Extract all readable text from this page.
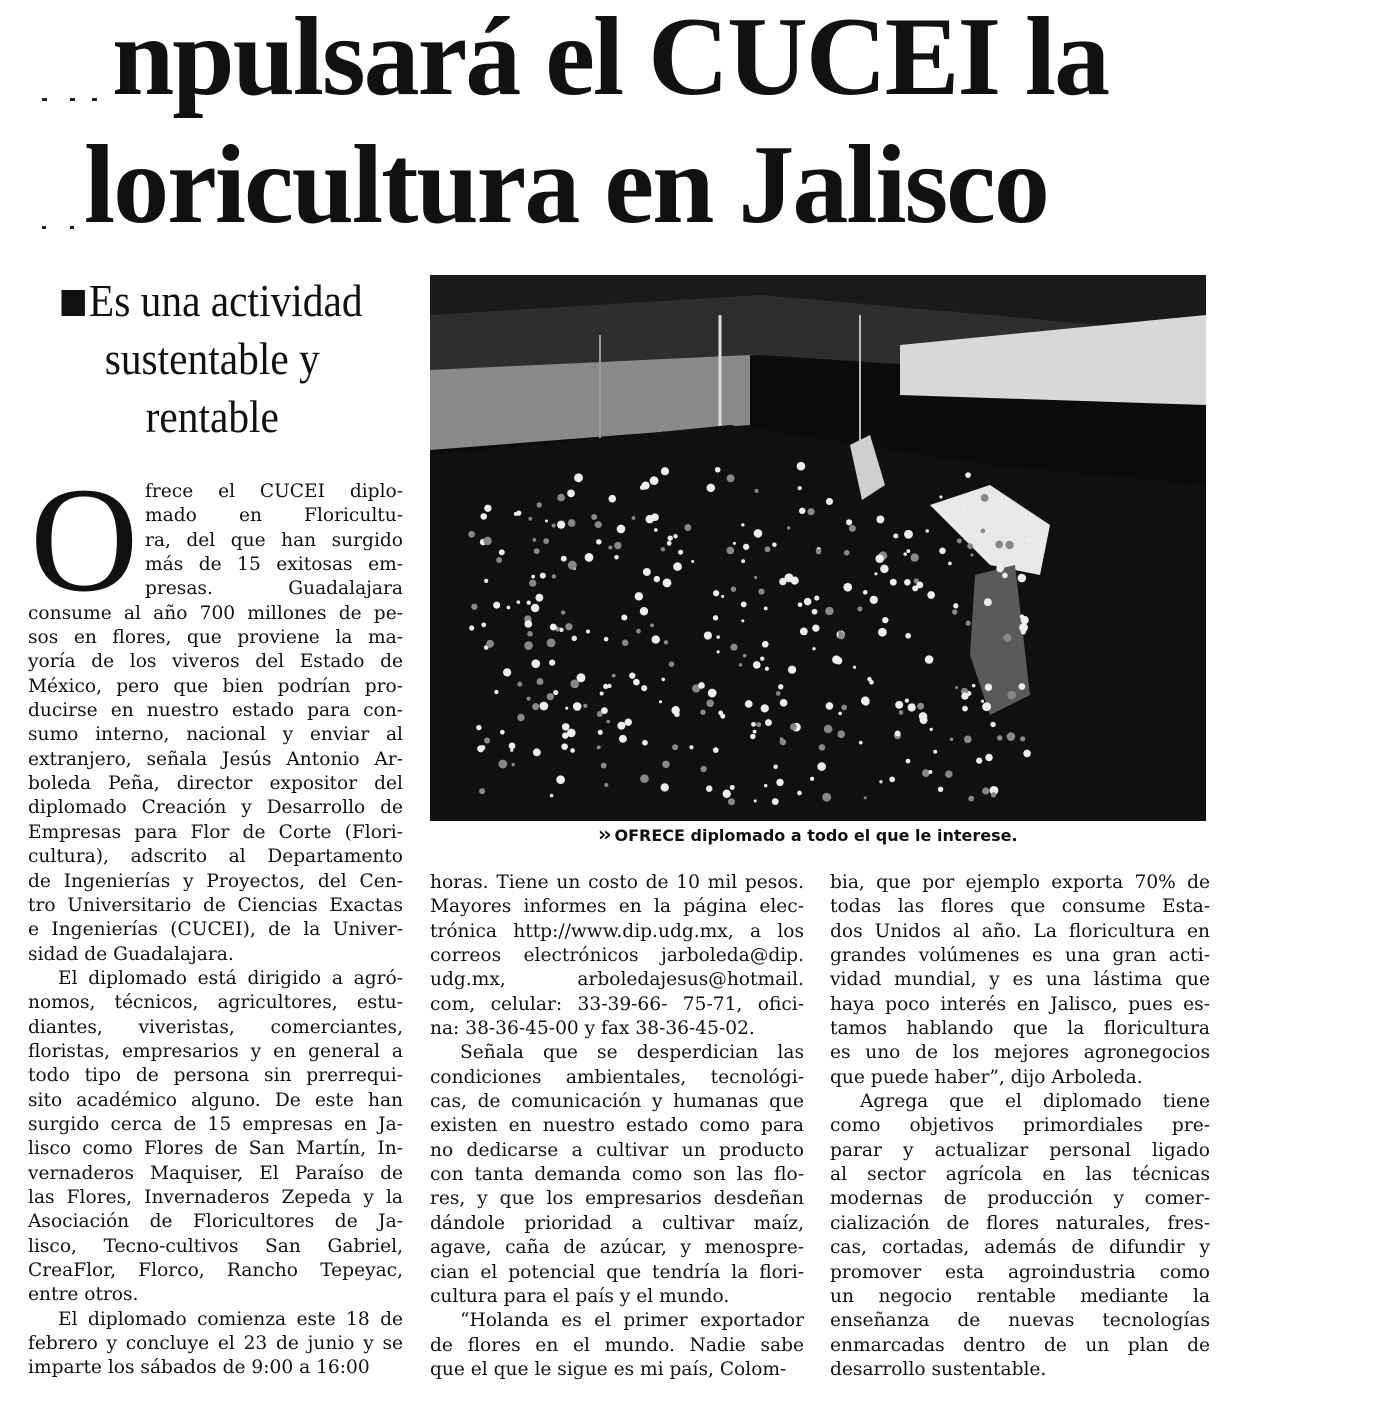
npulsará el CUCEI la
loricultura en Jalisco
Es una actividad
sustentable y
rentable
›› OFRECE diplomado a todo el que le interese.
O frece el CUCEI diplo-
mado en Floricultu-
ra, del que han surgido
más de 15 exitosas em-
presas. Guadalajara
consume al año 700 millones de pe-
sos en flores, que proviene la ma-
yoría de los viveros del Estado de
México, pero que bien podrían pro-
ducirse en nuestro estado para con-
sumo interno, nacional y enviar al
extranjero, señala Jesús Antonio Ar-
boleda Peña, director expositor del
diplomado Creación y Desarrollo de
Empresas para Flor de Corte (Flori-
cultura), adscrito al Departamento
de Ingenierías y Proyectos, del Cen-
tro Universitario de Ciencias Exactas
e Ingenierías (CUCEI), de la Univer-
sidad de Guadalajara.
El diplomado está dirigido a agró-
nomos, técnicos, agricultores, estu-
diantes, viveristas, comerciantes,
floristas, empresarios y en general a
todo tipo de persona sin prerrequi-
sito académico alguno. De este han
surgido cerca de 15 empresas en Ja-
lisco como Flores de San Martín, In-
vernaderos Maquiser, El Paraíso de
las Flores, Invernaderos Zepeda y la
Asociación de Floricultores de Ja-
lisco, Tecno-cultivos San Gabriel,
CreaFlor, Florco, Rancho Tepeyac,
entre otros.
El diplomado comienza este 18 de
febrero y concluye el 23 de junio y se
imparte los sábados de 9:00 a 16:00
horas. Tiene un costo de 10 mil pesos.
Mayores informes en la página elec-
trónica http://www.dip.udg.mx, a los
correos electrónicos jarboleda@dip.
udg.mx, arboledajesus@hotmail.
com, celular: 33-39-66- 75-71, ofici-
na: 38-36-45-00 y fax 38-36-45-02.
Señala que se desperdician las
condiciones ambientales, tecnológi-
cas, de comunicación y humanas que
existen en nuestro estado como para
no dedicarse a cultivar un producto
con tanta demanda como son las flo-
res, y que los empresarios desdeñan
dándole prioridad a cultivar maíz,
agave, caña de azúcar, y menospre-
cian el potencial que tendría la flori-
cultura para el país y el mundo.
“Holanda es el primer exportador
de flores en el mundo. Nadie sabe
que el que le sigue es mi país, Colom-
bia, que por ejemplo exporta 70% de
todas las flores que consume Esta-
dos Unidos al año. La floricultura en
grandes volúmenes es una gran acti-
vidad mundial, y es una lástima que
haya poco interés en Jalisco, pues es-
tamos hablando que la floricultura
es uno de los mejores agronegocios
que puede haber”, dijo Arboleda.
Agrega que el diplomado tiene
como objetivos primordiales pre-
parar y actualizar personal ligado
al sector agrícola en las técnicas
modernas de producción y comer-
cialización de flores naturales, fres-
cas, cortadas, además de difundir y
promover esta agroindustria como
un negocio rentable mediante la
enseñanza de nuevas tecnologías
enmarcadas dentro de un plan de
desarrollo sustentable.
